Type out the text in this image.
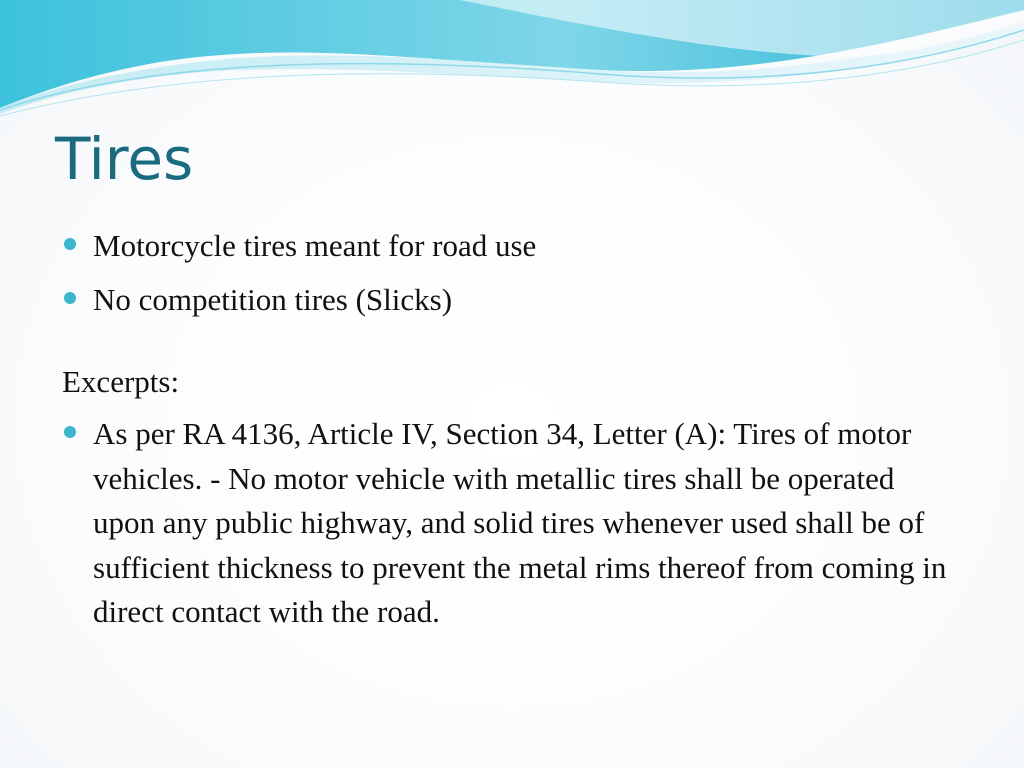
Tires
Motorcycle tires meant for road use
No competition tires (Slicks)
Excerpts:
As per RA 4136, Article IV, Section 34, Letter (A): Tires of motor vehicles. - No motor vehicle with metallic tires shall be operated upon any public highway, and solid tires whenever used shall be of sufficient thickness to prevent the metal rims thereof from coming in direct contact with the road.
